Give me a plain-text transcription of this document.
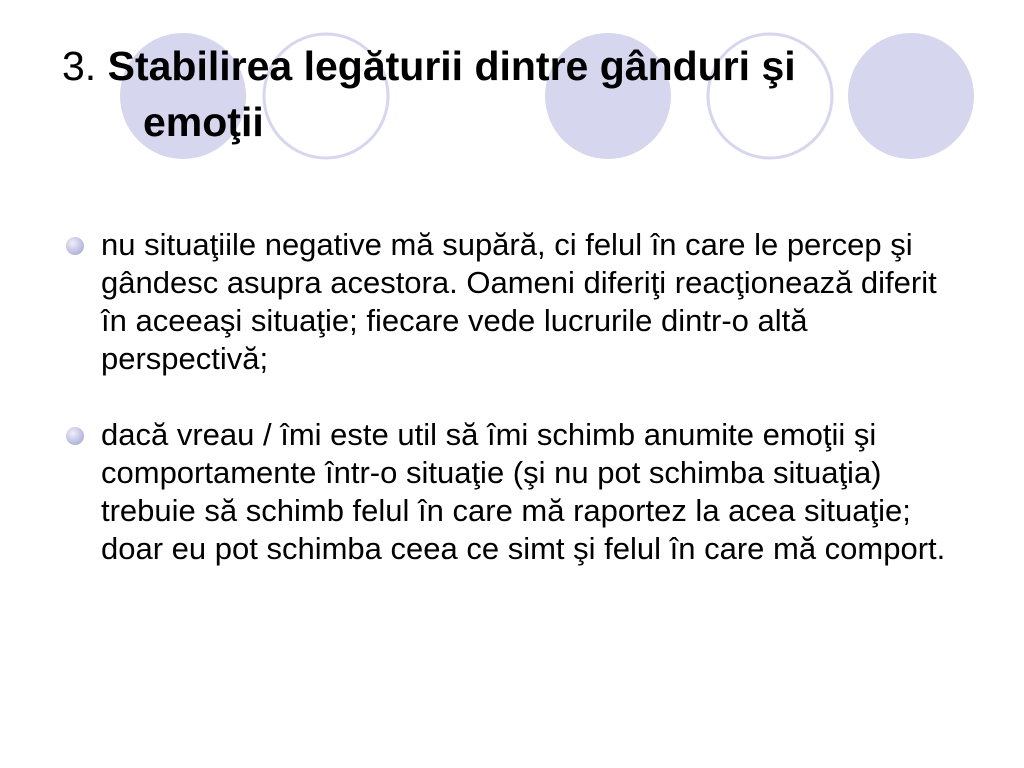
3. Stabilirea legăturii dintre gânduri şi
emoţii
nu situaţiile negative mă supără, ci felul în care le percep şi gândesc asupra acestora. Oameni diferiţi reacţionează diferit în aceeaşi situaţie; fiecare vede lucrurile dintr-o altă perspectivă;
dacă vreau / îmi este util să îmi schimb anumite emoţii şi comportamente într-o situaţie (şi nu pot schimba situaţia) trebuie să schimb felul în care mă raportez la acea situaţie; doar eu pot schimba ceea ce simt şi felul în care mă comport.
